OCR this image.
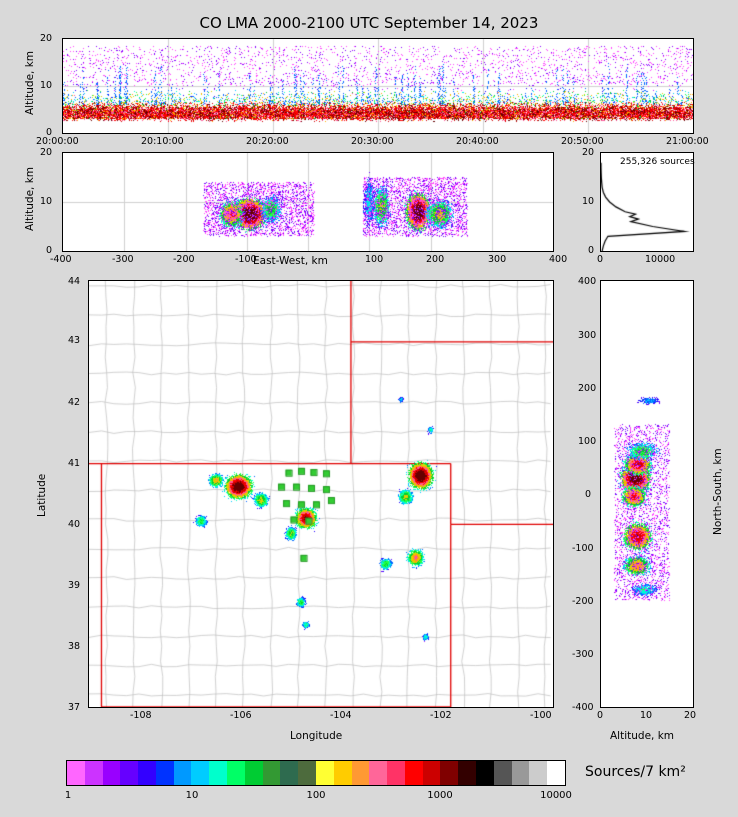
CO LMA 2000-2100 UTC September 14, 2023
Altitude, km
0
10
20
20:00:00	20:10:00	20:20:00	20:30:00	20:40:00	20:50:00	21:00:00
Altitude, km
0
10
20
-400	-300	-200	-100	100	200	300	400
East-West, km
255,326 sources
0
10
20
0	10000
Latitude
37
38
39
40
41
42
43
44
-108	-106	-104	-102	-100
Longitude
North-South, km
-400
-300
-200
-100
0
100
200
300
400
0	10	20
Altitude, km
Sources/7 km²
1	10	100	1000	10000
